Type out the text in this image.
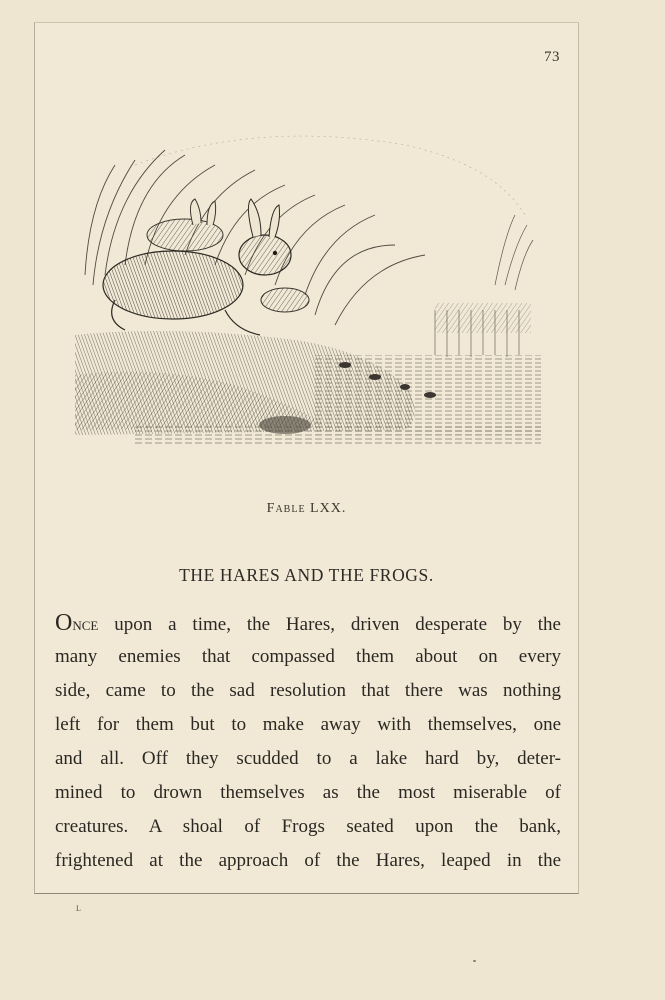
73
Fable LXX.
THE HARES AND THE FROGS.
Once upon a time, the Hares, driven desperate by the
many enemies that compassed them about on every
side, came to the sad resolution that there was nothing
left for them but to make away with themselves, one
and all. Off they scudded to a lake hard by, deter-
mined to drown themselves as the most miserable of
creatures. A shoal of Frogs seated upon the bank,
frightened at the approach of the Hares, leaped in the
L
